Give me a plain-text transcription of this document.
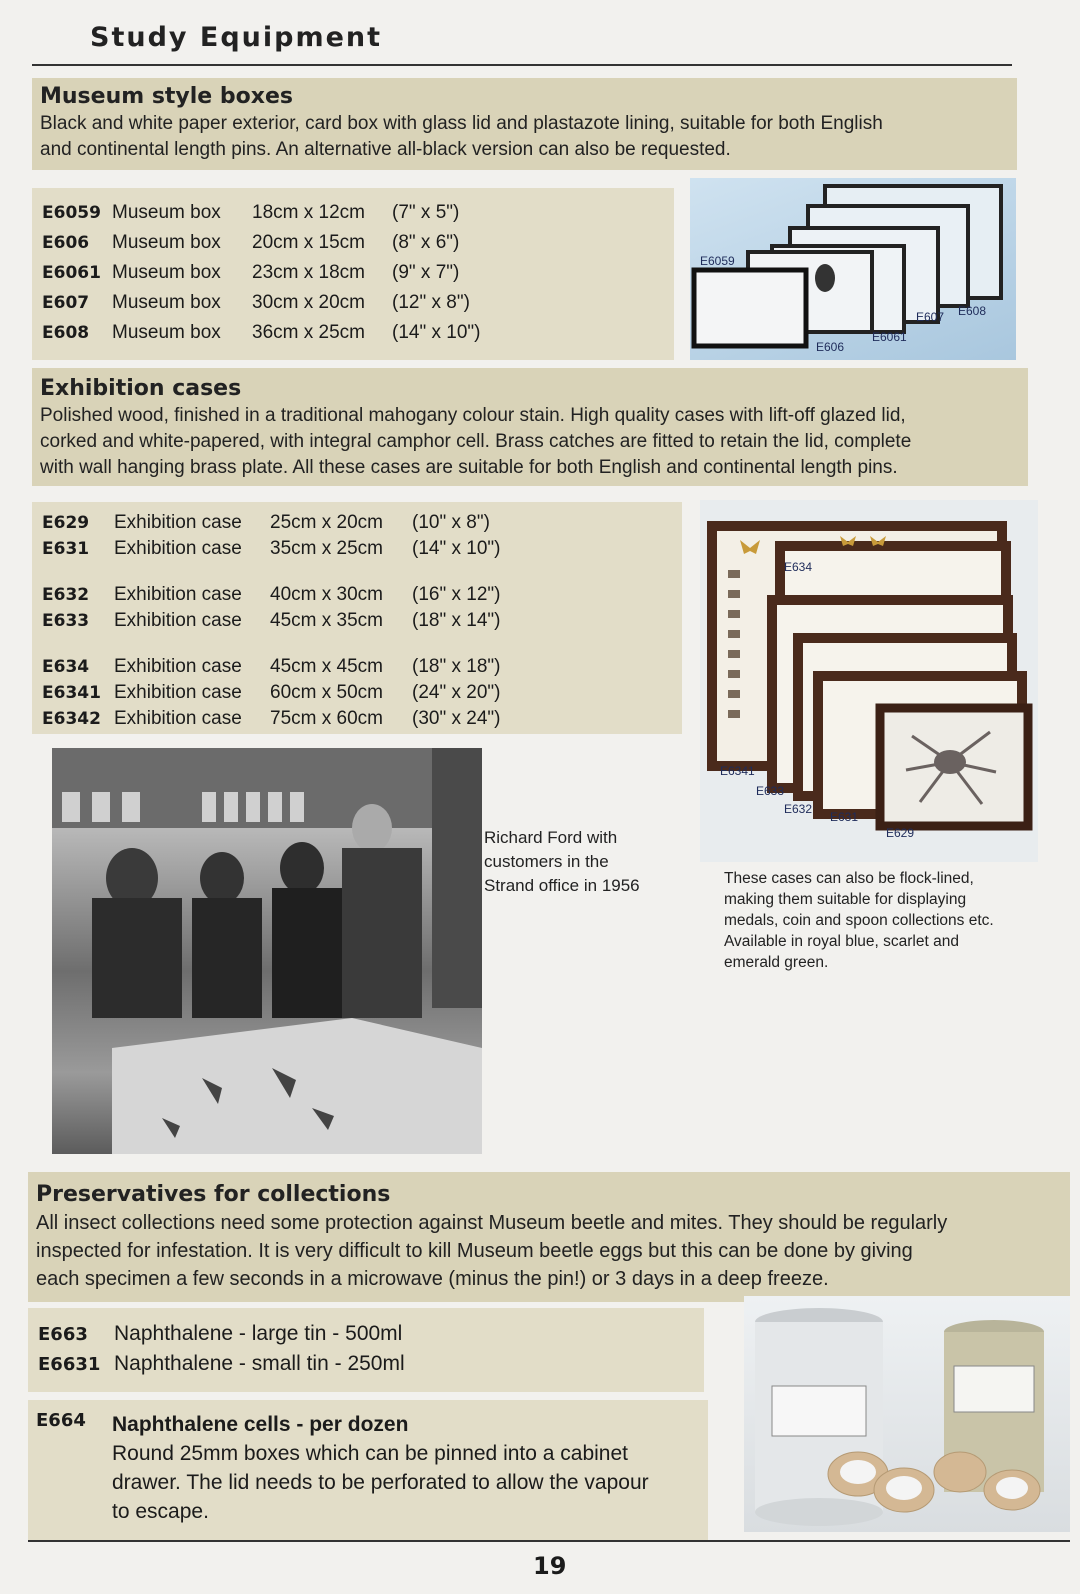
Study Equipment
Museum style boxes

Black and white paper exterior, card box with glass lid and plastazote lining, suitable for both English

and continental length pins. An alternative all-black version can also be requested.

E6059 Museum box 18cm x 12cm (7" x 5")
E606 Museum box 20cm x 15cm (8" x 6")
E6061 Museum box 23cm x 18cm (9" x 7")
E607 Museum box 30cm x 20cm (12" x 8")
E608 Museum box 36cm x 25cm (14" x 10")
E6059
E606
E6061
E607 E608
Exhibition cases

Polished wood, finished in a traditional mahogany colour stain. High quality cases with lift-off glazed lid,

corked and white-papered, with integral camphor cell. Brass catches are fitted to retain the lid, complete

with wall hanging brass plate. All these cases are suitable for both English and continental length pins.

E629 Exhibition case 25cm x 20cm (10" x 8")
E631 Exhibition case 35cm x 25cm (14" x 10")
E632 Exhibition case 40cm x 30cm (16" x 12")
E633 Exhibition case 45cm x 35cm (18" x 14")
E634 Exhibition case 45cm x 45cm (18" x 18")
E6341 Exhibition case 60cm x 50cm (24" x 20")
E6342 Exhibition case 75cm x 60cm (30" x 24")
E634
E6341
E633
E632
E631
E629
Richard Ford with
customers in the
Strand office in 1956	These cases can also be flock-lined,
making them suitable for displaying
medals, coin and spoon collections etc.
Available in royal blue, scarlet and
emerald green.
Preservatives for collections

All insect collections need some protection against Museum beetle and mites. They should be regularly

inspected for infestation. It is very difficult to kill Museum beetle eggs but this can be done by giving

each specimen a few seconds in a microwave (minus the pin!) or 3 days in a deep freeze.

E663 Naphthalene - large tin - 500ml
E6631 Naphthalene - small tin - 250ml
E664 Naphthalene cells - per dozen
Round 25mm boxes which can be pinned into a cabinet
drawer. The lid needs to be perforated to allow the vapour
to escape.
19
